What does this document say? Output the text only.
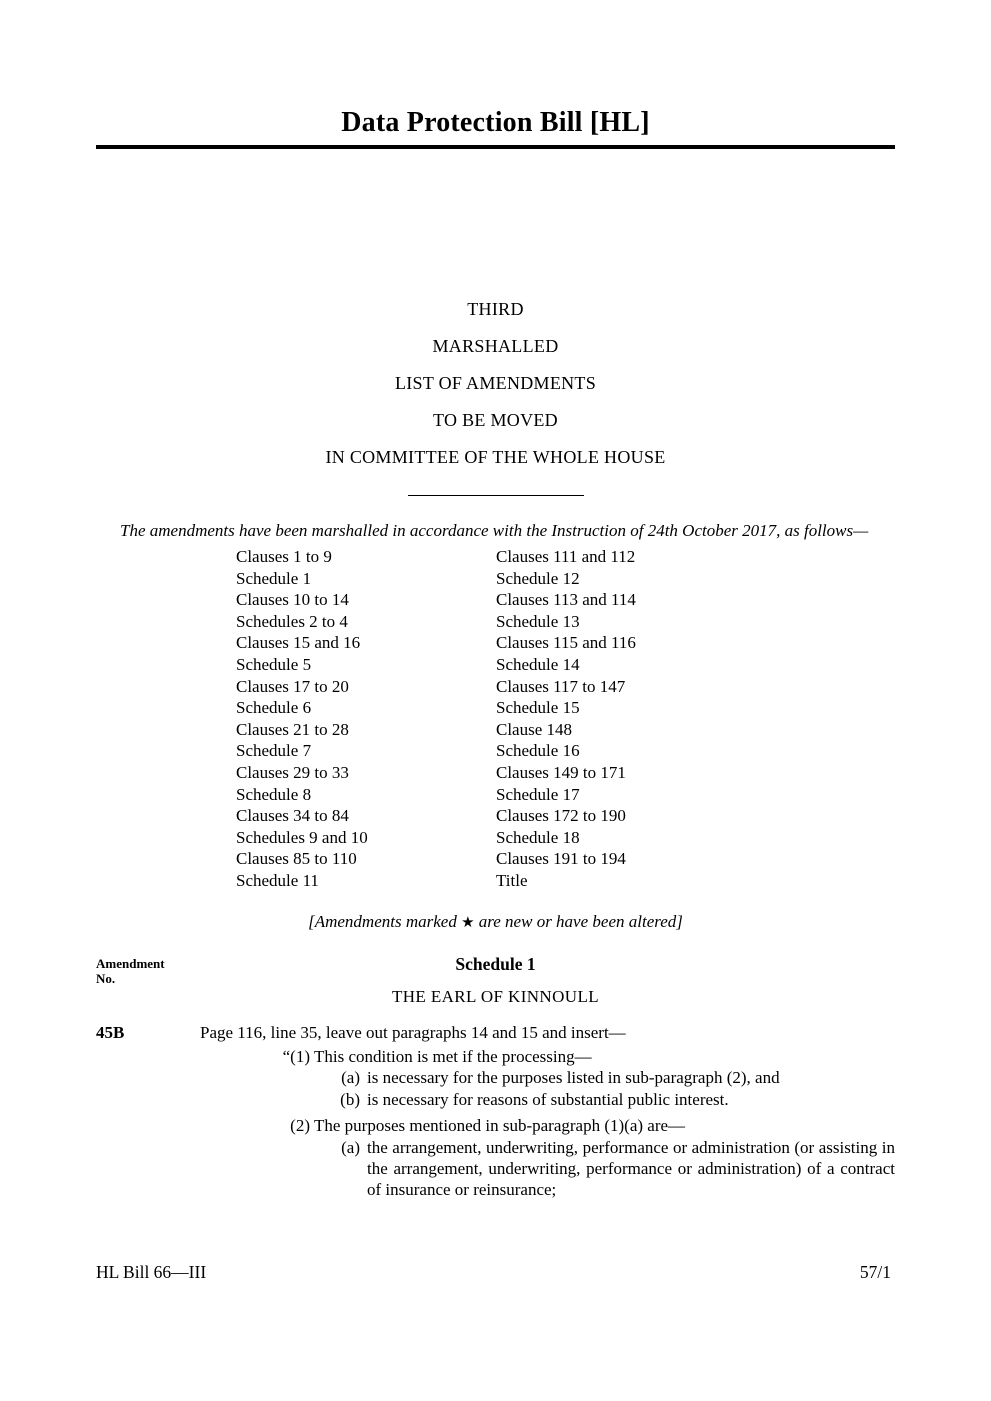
Data Protection Bill [HL]
THIRD
MARSHALLED
LIST OF AMENDMENTS
TO BE MOVED
IN COMMITTEE OF THE WHOLE HOUSE

The amendments have been marshalled in accordance with the Instruction of 24th October 2017, as follows—

Clauses 1 to 9
Schedule 1
Clauses 10 to 14
Schedules 2 to 4
Clauses 15 and 16
Schedule 5
Clauses 17 to 20
Schedule 6
Clauses 21 to 28
Schedule 7
Clauses 29 to 33
Schedule 8
Clauses 34 to 84
Schedules 9 and 10
Clauses 85 to 110
Schedule 11
Clauses 111 and 112
Schedule 12
Clauses 113 and 114
Schedule 13
Clauses 115 and 116
Schedule 14
Clauses 117 to 147
Schedule 15
Clause 148
Schedule 16
Clauses 149 to 171
Schedule 17
Clauses 172 to 190
Schedule 18
Clauses 191 to 194
Title

[Amendments marked ★ are new or have been altered]

Amendment
No.
Schedule 1
THE EARL OF KINNOULL
45B	Page 116, line 35, leave out paragraphs 14 and 15 and insert—
“(1) This condition is met if the processing—
(a) is necessary for the purposes listed in sub-paragraph (2), and
(b) is necessary for reasons of substantial public interest.
(2) The purposes mentioned in sub-paragraph (1)(a) are—
(a) the arrangement, underwriting, performance or administration (or assisting in the arrangement, underwriting, performance or administration) of a contract of insurance or reinsurance;
HL Bill 66—III	57/1
